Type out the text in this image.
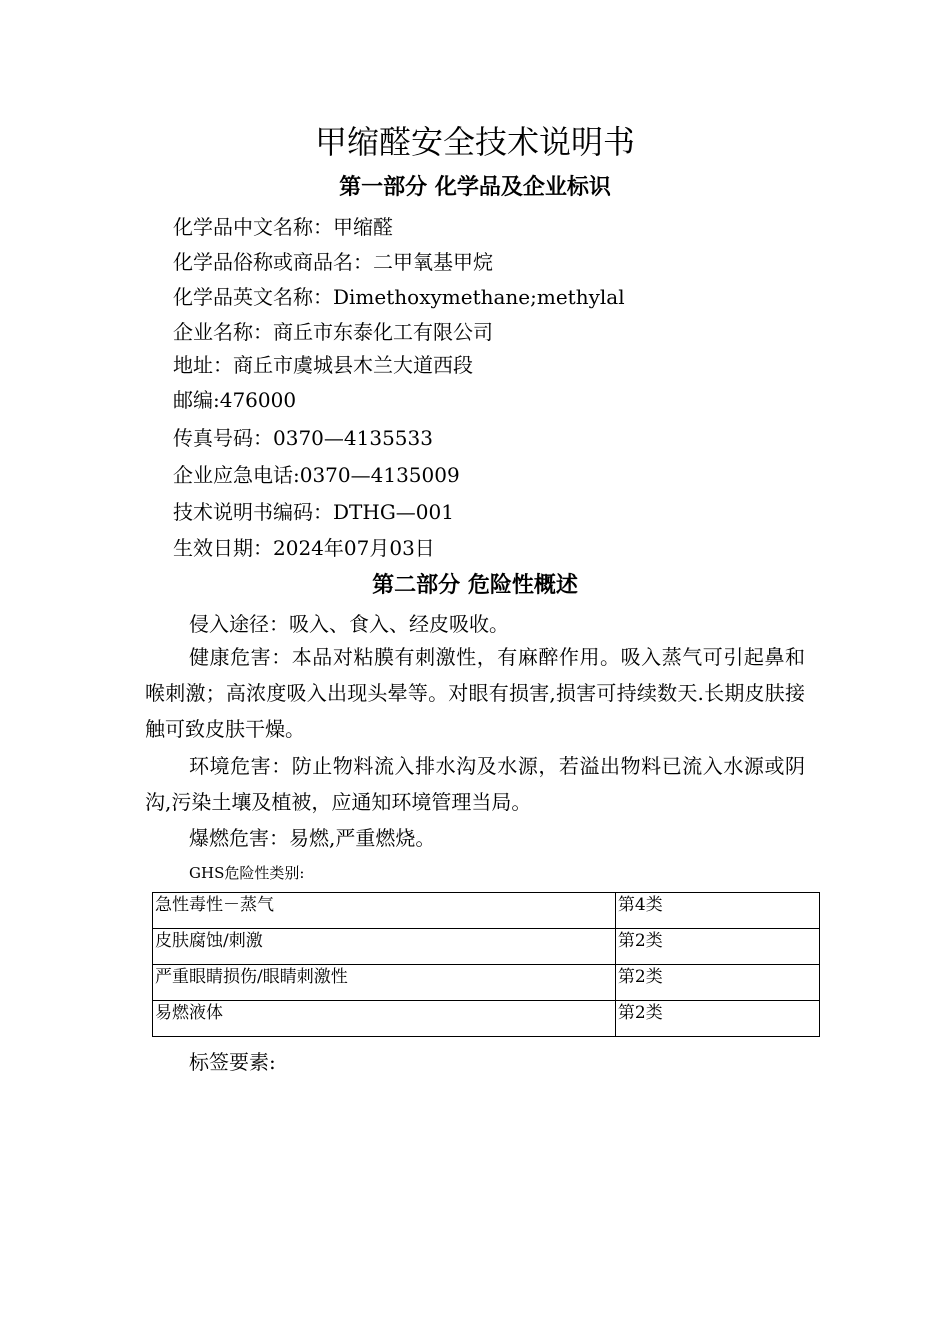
甲缩醛安全技术说明书
第一部分 化学品及企业标识
化学品中文名称：甲缩醛
化学品俗称或商品名：二甲氧基甲烷
化学品英文名称：Dimethoxymethane;methylal
企业名称：商丘市东泰化工有限公司
地址：商丘市虞城县木兰大道西段
邮编:476000
传真号码：0370—4135533
企业应急电话:0370—4135009
技术说明书编码：DTHG—001
生效日期：2024年07月03日
第二部分 危险性概述
侵入途径：吸入、食入、经皮吸收。
健康危害：本品对粘膜有刺激性，有麻醉作用。吸入蒸气可引起鼻和喉刺激；高浓度吸入出现头晕等。对眼有损害,损害可持续数天.长期皮肤接触可致皮肤干燥。
环境危害：防止物料流入排水沟及水源，若溢出物料已流入水源或阴沟,污染土壤及植被，应通知环境管理当局。
爆燃危害：易燃,严重燃烧。
GHS危险性类别:
急性毒性－蒸气	第4类
皮肤腐蚀/刺激	第2类
严重眼睛损伤/眼睛刺激性	第2类
易燃液体	第2类
标签要素:
